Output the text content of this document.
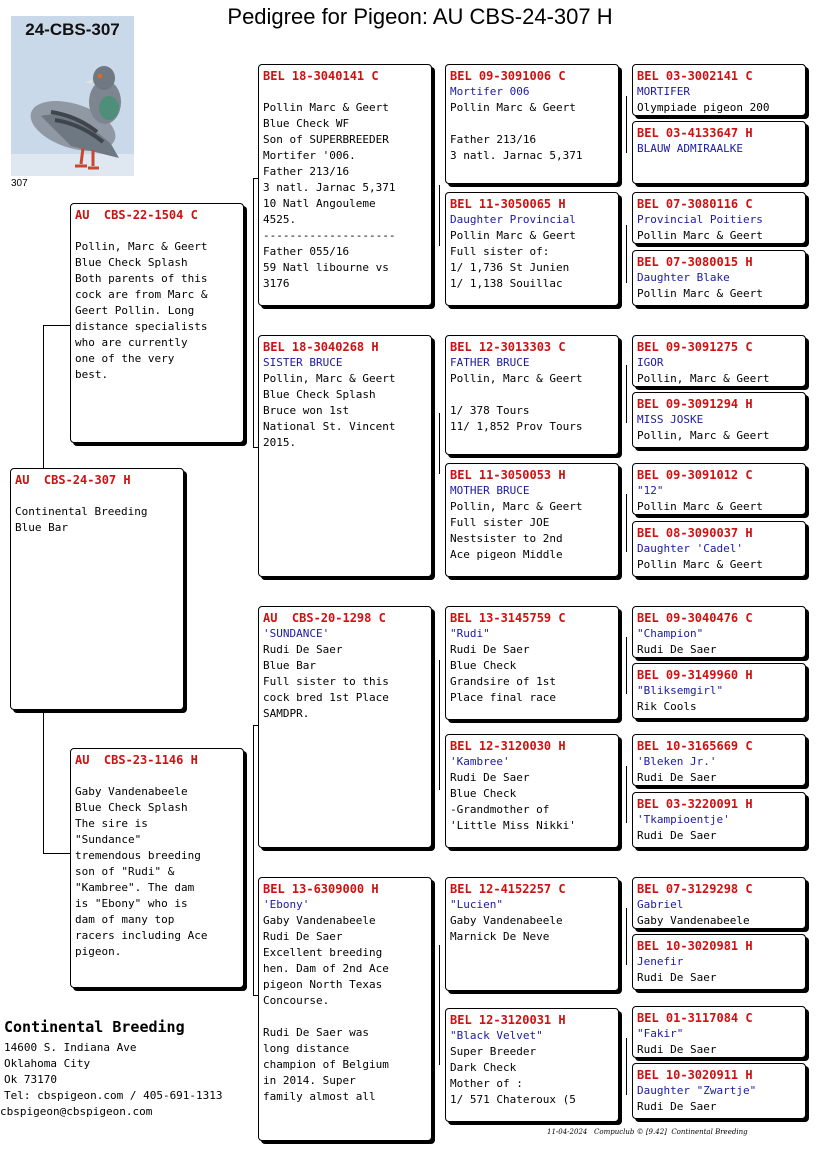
Pedigree for Pigeon: AU CBS-24-307 H
24-CBS-307
307
AU  CBS-24-307 H
Continental Breeding
Blue Bar
AU  CBS-22-1504 C
Pollin, Marc & Geert
Blue Check Splash
Both parents of this
cock are from Marc &
Geert Pollin. Long
distance specialists
who are currently
one of the very
best.
AU  CBS-23-1146 H
Gaby Vandenabeele
Blue Check Splash
The sire is
"Sundance"
tremendous breeding
son of "Rudi" &
"Kambree". The dam
is "Ebony" who is
dam of many top
racers including Ace
pigeon.
BEL 18-3040141 C
Pollin Marc & Geert
Blue Check WF
Son of SUPERBREEDER
Mortifer '006.
Father 213/16
3 natl. Jarnac 5,371
10 Natl Angouleme
4525.
--------------------
Father 055/16
59 Natl libourne vs
3176
BEL 18-3040268 H
SISTER BRUCE
Pollin, Marc & Geert
Blue Check Splash
Bruce won 1st
National St. Vincent
2015.
AU  CBS-20-1298 C
'SUNDANCE'
Rudi De Saer
Blue Bar
Full sister to this
cock bred 1st Place
SAMDPR.
BEL 13-6309000 H
'Ebony'
Gaby Vandenabeele
Rudi De Saer
Excellent breeding
hen. Dam of 2nd Ace
pigeon North Texas
Concourse.
Rudi De Saer was
long distance
champion of Belgium
in 2014. Super
family almost all
BEL 09-3091006 C
Mortifer 006
Pollin Marc & Geert
Father 213/16
3 natl. Jarnac 5,371
BEL 11-3050065 H
Daughter Provincial
Pollin Marc & Geert
Full sister of:
1/ 1,736 St Junien
1/ 1,138 Souillac
BEL 12-3013303 C
FATHER BRUCE
Pollin, Marc & Geert
1/ 378 Tours
11/ 1,852 Prov Tours
BEL 11-3050053 H
MOTHER BRUCE
Pollin, Marc & Geert
Full sister JOE
Nestsister to 2nd
Ace pigeon Middle
BEL 13-3145759 C
"Rudi"
Rudi De Saer
Blue Check
Grandsire of 1st
Place final race
BEL 12-3120030 H
'Kambree'
Rudi De Saer
Blue Check
-Grandmother of
'Little Miss Nikki'
BEL 12-4152257 C
"Lucien"
Gaby Vandenabeele
Marnick De Neve
BEL 12-3120031 H
"Black Velvet"
Super Breeder
Dark Check
Mother of :
1/ 571 Chateroux (5
BEL 03-3002141 C
MORTIFER
Olympiade pigeon 200
BEL 03-4133647 H
BLAUW ADMIRAALKE
BEL 07-3080116 C
Provincial Poitiers
Pollin Marc & Geert
BEL 07-3080015 H
Daughter Blake
Pollin Marc & Geert
BEL 09-3091275 C
IGOR
Pollin, Marc & Geert
BEL 09-3091294 H
MISS JOSKE
Pollin, Marc & Geert
BEL 09-3091012 C
"12"
Pollin Marc & Geert
BEL 08-3090037 H
Daughter 'Cadel'
Pollin Marc & Geert
BEL 09-3040476 C
"Champion"
Rudi De Saer
BEL 09-3149960 H
"Bliksemgirl"
Rik Cools
BEL 10-3165669 C
'Bleken Jr.'
Rudi De Saer
BEL 03-3220091 H
'Tkampioentje'
Rudi De Saer
BEL 07-3129298 C
Gabriel
Gaby Vandenabeele
BEL 10-3020981 H
Jenefir
Rudi De Saer
BEL 01-3117084 C
"Fakir"
Rudi De Saer
BEL 10-3020911 H
Daughter "Zwartje"
Rudi De Saer
Continental Breeding
14600 S. Indiana Ave
Oklahoma City
Ok 73170
Tel: cbspigeon.com / 405-691-1313
cbspigeon@cbspigeon.com
11-04-2024   Compuclub © [9.42]  Continental Breeding
